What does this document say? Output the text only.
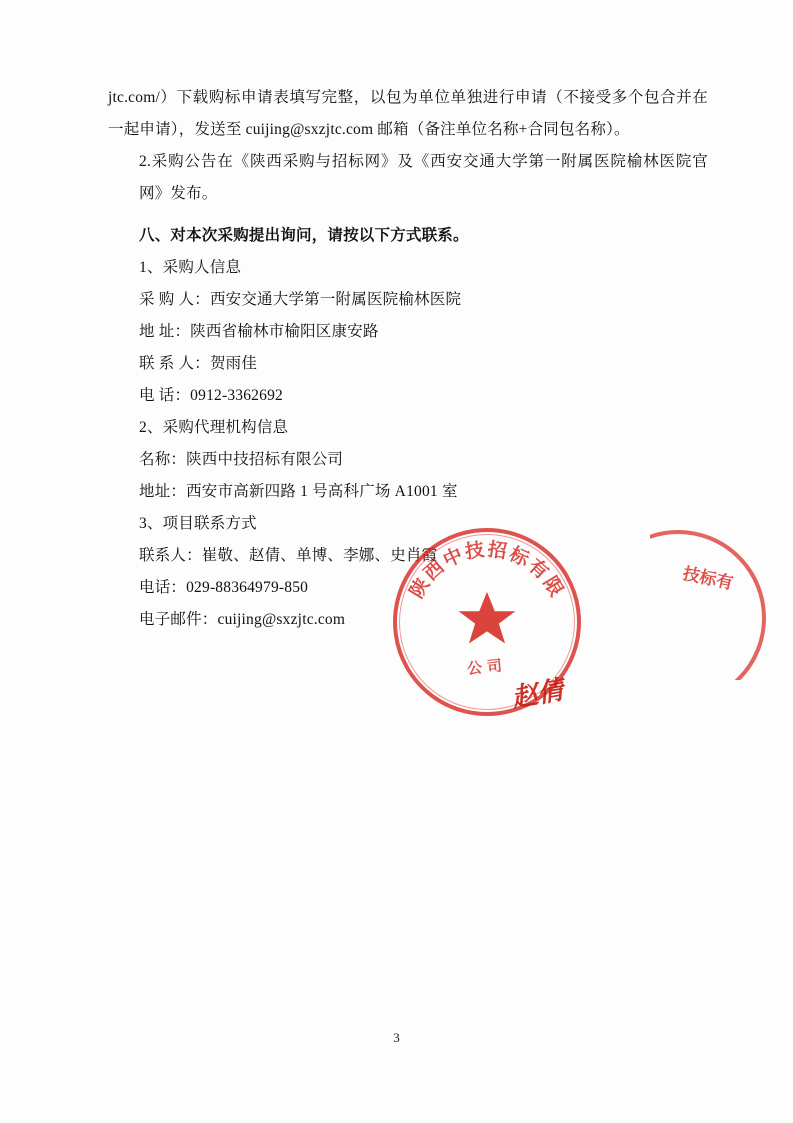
jtc.com/）下载购标申请表填写完整，以包为单位单独进行申请（不接受多个包合并在一起申请），发送至 cuijing@sxzjtc.com 邮箱（备注单位名称+合同包名称）。
2.采购公告在《陕西采购与招标网》及《西安交通大学第一附属医院榆林医院官网》发布。
八、对本次采购提出询问，请按以下方式联系。
1、采购人信息
采 购 人：西安交通大学第一附属医院榆林医院
地 址：陕西省榆林市榆阳区康安路
联 系 人：贺雨佳
电 话：0912-3362692
2、采购代理机构信息
名称：陕西中技招标有限公司
地址：西安市高新四路 1 号高科广场 A1001 室
3、项目联系方式
联系人：崔敬、赵倩、单博、李娜、史肖霞
电话：029-88364979-850
电子邮件：cuijing@sxzjtc.com
陕西中技招标有限
公司
技标有
赵倩
3
